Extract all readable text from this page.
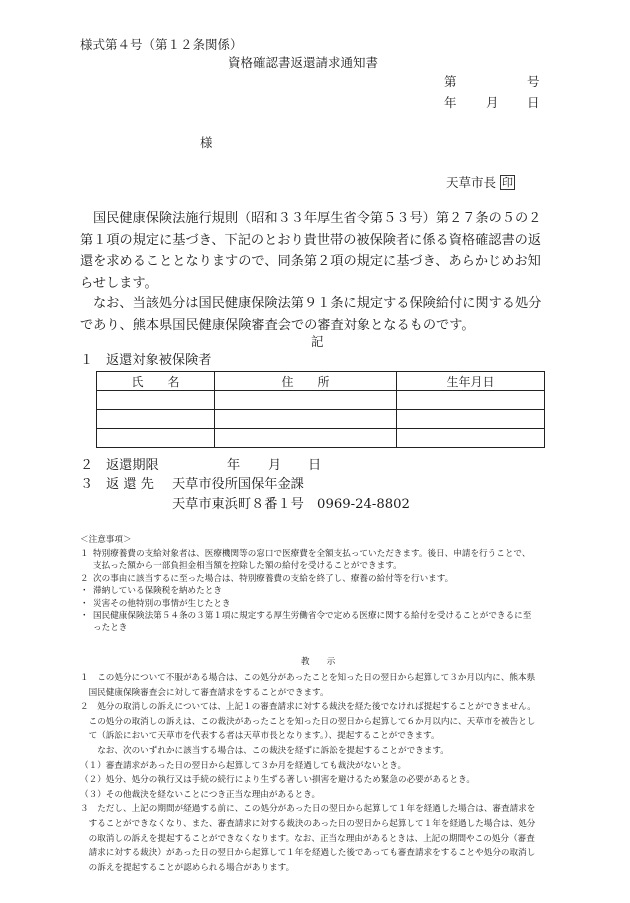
様式第４号（第１２条関係）
資格確認書返還請求通知書
第	号
年 月 日
様
天草市長 印
国民健康保険法施行規則（昭和３３年厚生省令第５３号）第２７条の５の２
第１項の規定に基づき、下記のとおり貴世帯の被保険者に係る資格確認書の返
還を求めることとなりますので、同条第２項の規定に基づき、あらかじめお知
らせします。
なお、当該処分は国民健康保険法第９１条に規定する保険給付に関する処分
であり、熊本県国民健康保険審査会での審査対象となるものです。
記
１ 返還対象被保険者
氏　　名	住　　所	生年月日

２ 返還期限	年 月 日
３ 返 還 先 天草市役所国保年金課
天草市東浜町８番１号　0969-24-8802
＜注意事項＞
１ 特別療養費の支給対象者は、医療機関等の窓口で医療費を全額支払っていただきます。後日、申請を行うことで、
支払った額から一部負担金相当額を控除した額の給付を受けることができます。
２ 次の事由に該当するに至った場合は、特別療養費の支給を終了し、療養の給付等を行います。
・ 滞納している保険税を納めたとき
・ 災害その他特別の事情が生じたとき
・ 国民健康保険法第５４条の３第１項に規定する厚生労働省令で定める医療に関する給付を受けることができるに至
ったとき
教　　示
１　この処分について不服がある場合は、この処分があったことを知った日の翌日から起算して３か月以内に、熊本県
　国民健康保険審査会に対して審査請求をすることができます。
２　処分の取消しの訴えについては、上記１の審査請求に対する裁決を経た後でなければ提起することができません。
　この処分の取消しの訴えは、この裁決があったことを知った日の翌日から起算して６か月以内に、天草市を被告とし
　て（訴訟において天草市を代表する者は天草市長となります。）、提起することができます。
　　なお、次のいずれかに該当する場合は、この裁決を経ずに訴訟を提起することができます。
（１）審査請求があった日の翌日から起算して３か月を経過しても裁決がないとき。
（２）処分、処分の執行又は手続の続行により生ずる著しい損害を避けるため緊急の必要があるとき。
（３）その他裁決を経ないことにつき正当な理由があるとき。
３　ただし、上記の期間が経過する前に、この処分があった日の翌日から起算して１年を経過した場合は、審査請求を
　することができなくなり、また、審査請求に対する裁決のあった日の翌日から起算して１年を経過した場合は、処分
　の取消しの訴えを提起することができなくなります。なお、正当な理由があるときは、上記の期間やこの処分（審査
　請求に対する裁決）があった日の翌日から起算して１年を経過した後であっても審査請求をすることや処分の取消し
　の訴えを提起することが認められる場合があります。
